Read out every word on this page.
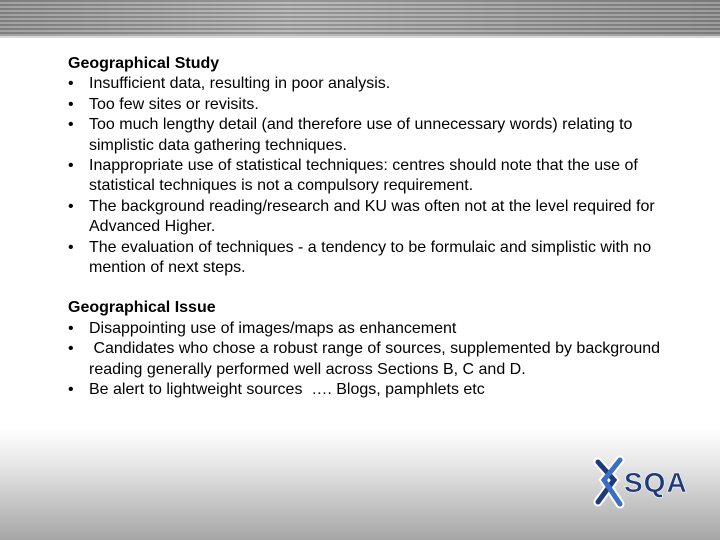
Geographical Study
• Insufficient data, resulting in poor analysis.
• Too few sites or revisits.
• Too much lengthy detail (and therefore use of unnecessary words) relating to simplistic data gathering techniques.
• Inappropriate use of statistical techniques: centres should note that the use of statistical techniques is not a compulsory requirement.
• The background reading/research and KU was often not at the level required for Advanced Higher.
• The evaluation of techniques - a tendency to be formulaic and simplistic with no mention of next steps.
Geographical Issue
• Disappointing use of images/maps as enhancement
• Candidates who chose a robust range of sources, supplemented by background reading generally performed well across Sections B, C and D.
• Be alert to lightweight sources  …. Blogs, pamphlets etc
SQA
